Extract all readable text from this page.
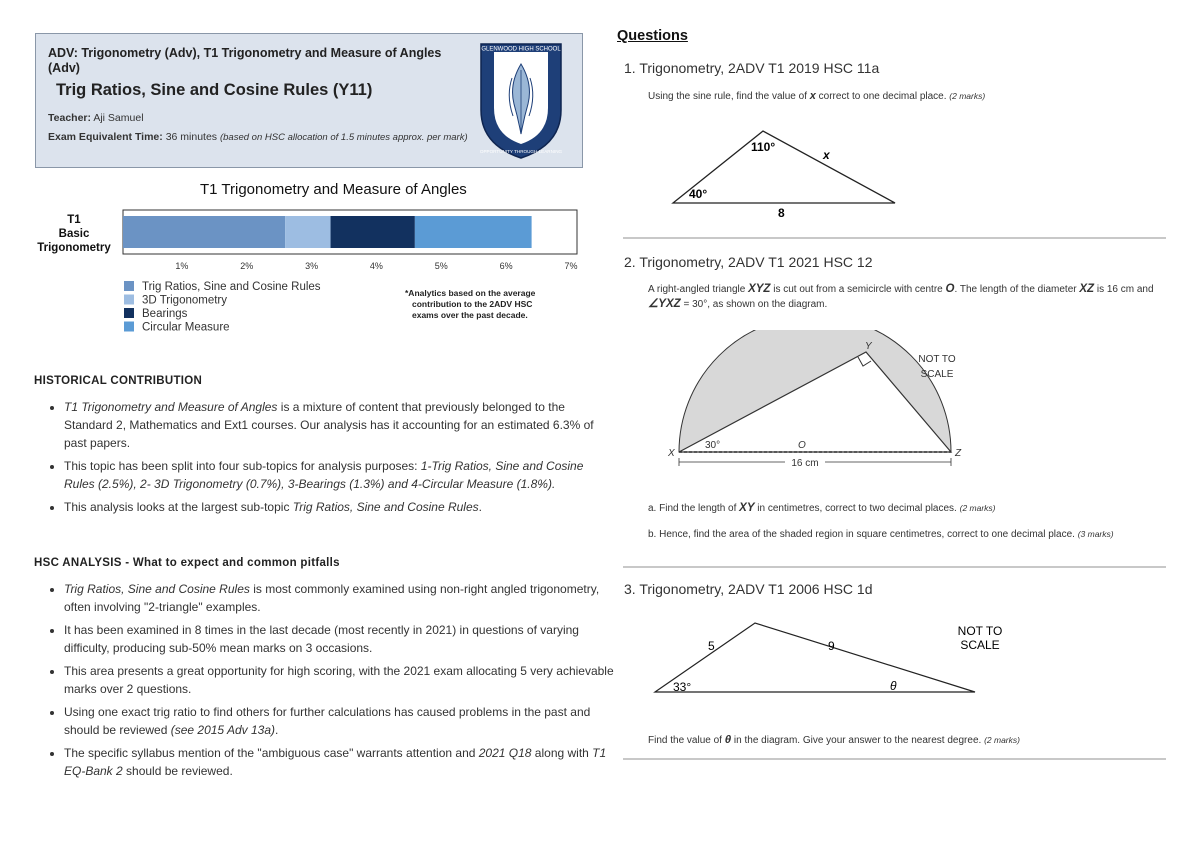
ADV: Trigonometry (Adv), T1 Trigonometry and Measure of Angles (Adv)
Trig Ratios, Sine and Cosine Rules (Y11)
Teacher: Aji Samuel
Exam Equivalent Time: 36 minutes (based on HSC allocation of 1.5 minutes approx. per mark)
GLENWOOD HIGH SCHOOL
OPPORTUNITY THROUGH LEARNING
T1 Trigonometry and Measure of Angles
T1
Basic
Trigonometry
1%	2%	3%	4%	5%	6%	7%
Trig Ratios, Sine and Cosine Rules
3D Trigonometry
Bearings
Circular Measure
*Analytics based on the average
contribution to the 2ADV HSC
exams over the past decade.
HISTORICAL CONTRIBUTION
• T1 Trigonometry and Measure of Angles is a mixture of content that previously belonged to the Standard 2, Mathematics and Ext1 courses. Our analysis has it accounting for an estimated 6.3% of past papers.
• This topic has been split into four sub-topics for analysis purposes: 1-Trig Ratios, Sine and Cosine Rules (2.5%), 2- 3D Trigonometry (0.7%), 3-Bearings (1.3%) and 4-Circular Measure (1.8%).
• This analysis looks at the largest sub-topic Trig Ratios, Sine and Cosine Rules.
HSC ANALYSIS - What to expect and common pitfalls
• Trig Ratios, Sine and Cosine Rules is most commonly examined using non-right angled trigonometry, often involving "2-triangle" examples.
• It has been examined in 8 times in the last decade (most recently in 2021) in questions of varying difficulty, producing sub-50% mean marks on 3 occasions.
• This area presents a great opportunity for high scoring, with the 2021 exam allocating 5 very achievable marks over 2 questions.
• Using one exact trig ratio to find others for further calculations has caused problems in the past and should be reviewed (see 2015 Adv 13a).
• The specific syllabus mention of the "ambiguous case" warrants attention and 2021 Q18 along with T1 EQ-Bank 2 should be reviewed.
Questions
1. Trigonometry, 2ADV T1 2019 HSC 11a
Using the sine rule, find the value of x correct to one decimal place. (2 marks)
110°
x
40°
8
2. Trigonometry, 2ADV T1 2021 HSC 12
A right-angled triangle XYZ is cut out from a semicircle with centre O. The length of the diameter XZ is 16 cm and ∠YXZ = 30°, as shown on the diagram.
Y
X	Z
O
30°
16 cm
NOT TO
SCALE
a. Find the length of XY in centimetres, correct to two decimal places. (2 marks)
b. Hence, find the area of the shaded region in square centimetres, correct to one decimal place. (3 marks)
3. Trigonometry, 2ADV T1 2006 HSC 1d
5	9
33°	θ
NOT TO
SCALE
Find the value of θ in the diagram. Give your answer to the nearest degree. (2 marks)
